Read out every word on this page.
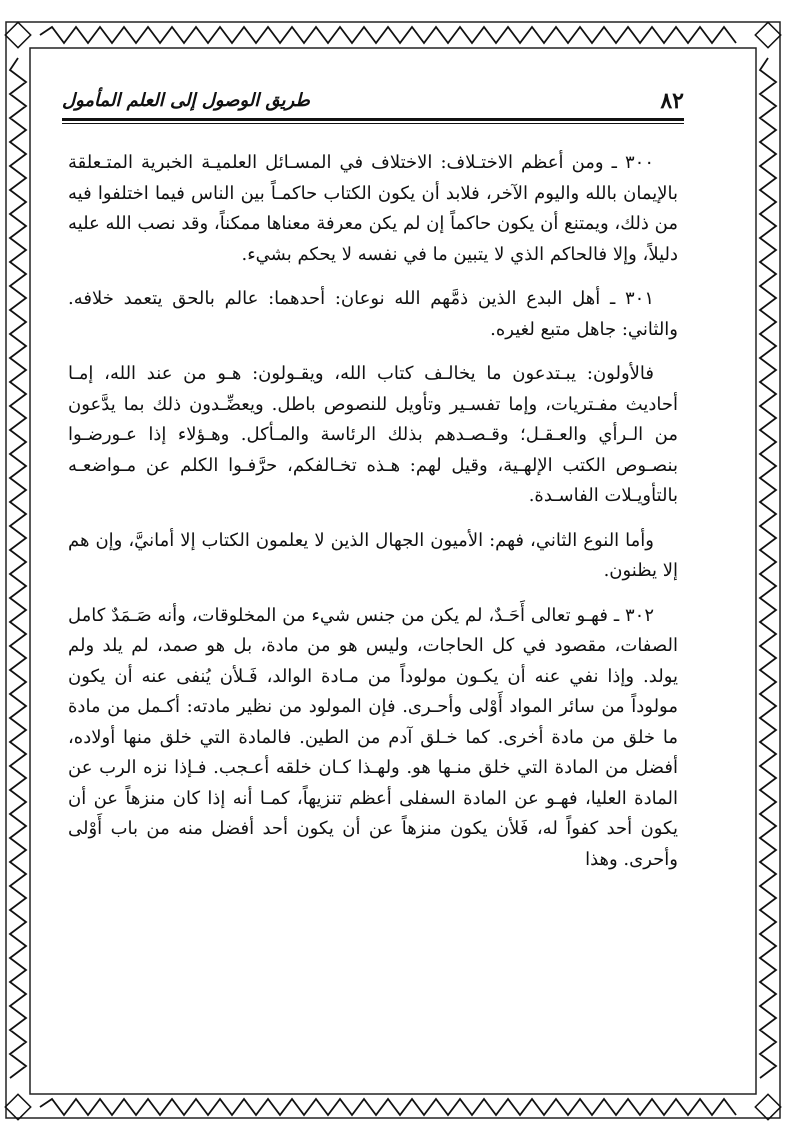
٨٢
طريق الوصول إلى العلم المأمول

٣٠٠ ـ ومن أعظم الاختـلاف: الاختلاف في المسـائل العلميـة الخبرية المتـعلقة بالإيمان بالله واليوم الآخر، فلابد أن يكون الكتاب حاكمـاً بين الناس فيما اختلفوا فيه من ذلك، ويمتنع أن يكون حاكماً إن لم يكن معرفة معناها ممكناً، وقد نصب الله عليه دليلاً، وإلا فالحاكم الذي لا يتبين ما في نفسه لا يحكم بشيء.

٣٠١ ـ أهل البدع الذين ذمَّهم الله نوعان: أحدهما: عالم بالحق يتعمد خلافه. والثاني: جاهل متبع لغيره.

فالأولون: يبـتدعون ما يخالـف كتاب الله، ويقـولون: هـو من عند الله، إمـا أحاديث مفـتريات، وإما تفسـير وتأويل للنصوص باطل. ويعضِّـدون ذلك بما يدَّعون من الـرأي والعـقـل؛ وقـصـدهم بذلك الرئاسة والمـأكل. وهـؤلاء إذا عـورضـوا بنصـوص الكتب الإلهـية، وقيل لهم: هـذه تخـالفكم، حرَّفـوا الكلم عن مـواضعـه بالتأويـلات الفاسـدة.

وأما النوع الثاني، فهم: الأميون الجهال الذين لا يعلمون الكتاب إلا أمانيَّ، وإن هم إلا يظنون.

٣٠٢ ـ فهـو تعالى أَحَـدٌ، لم يكن من جنس شيء من المخلوقات، وأنه صَـمَدٌ كامل الصفات، مقصود في كل الحاجات، وليس هو من مادة، بل هو صمد، لم يلد ولم يولد. وإذا نفي عنه أن يكـون مولوداً من مـادة الوالد، فَـلأن يُنفى عنه أن يكون مولوداً من سائر المواد أَوْلى وأحـرى. فإن المولود من نظير مادته: أكـمل من مادة ما خلق من مادة أخرى. كما خـلق آدم من الطين. فالمادة التي خلق منها أولاده، أفضل من المادة التي خلق منـها هو. ولهـذا كـان خلقه أعـجب. فـإذا نزه الرب عن المادة العليا، فهـو عن المادة السفلى أعظم تنزيهاً، كمـا أنه إذا كان منزهاً عن أن يكون أحد كفواً له، فَلأن يكون منزهاً عن أن يكون أحد أفضل منه من باب أَوْلى وأحرى. وهذا
